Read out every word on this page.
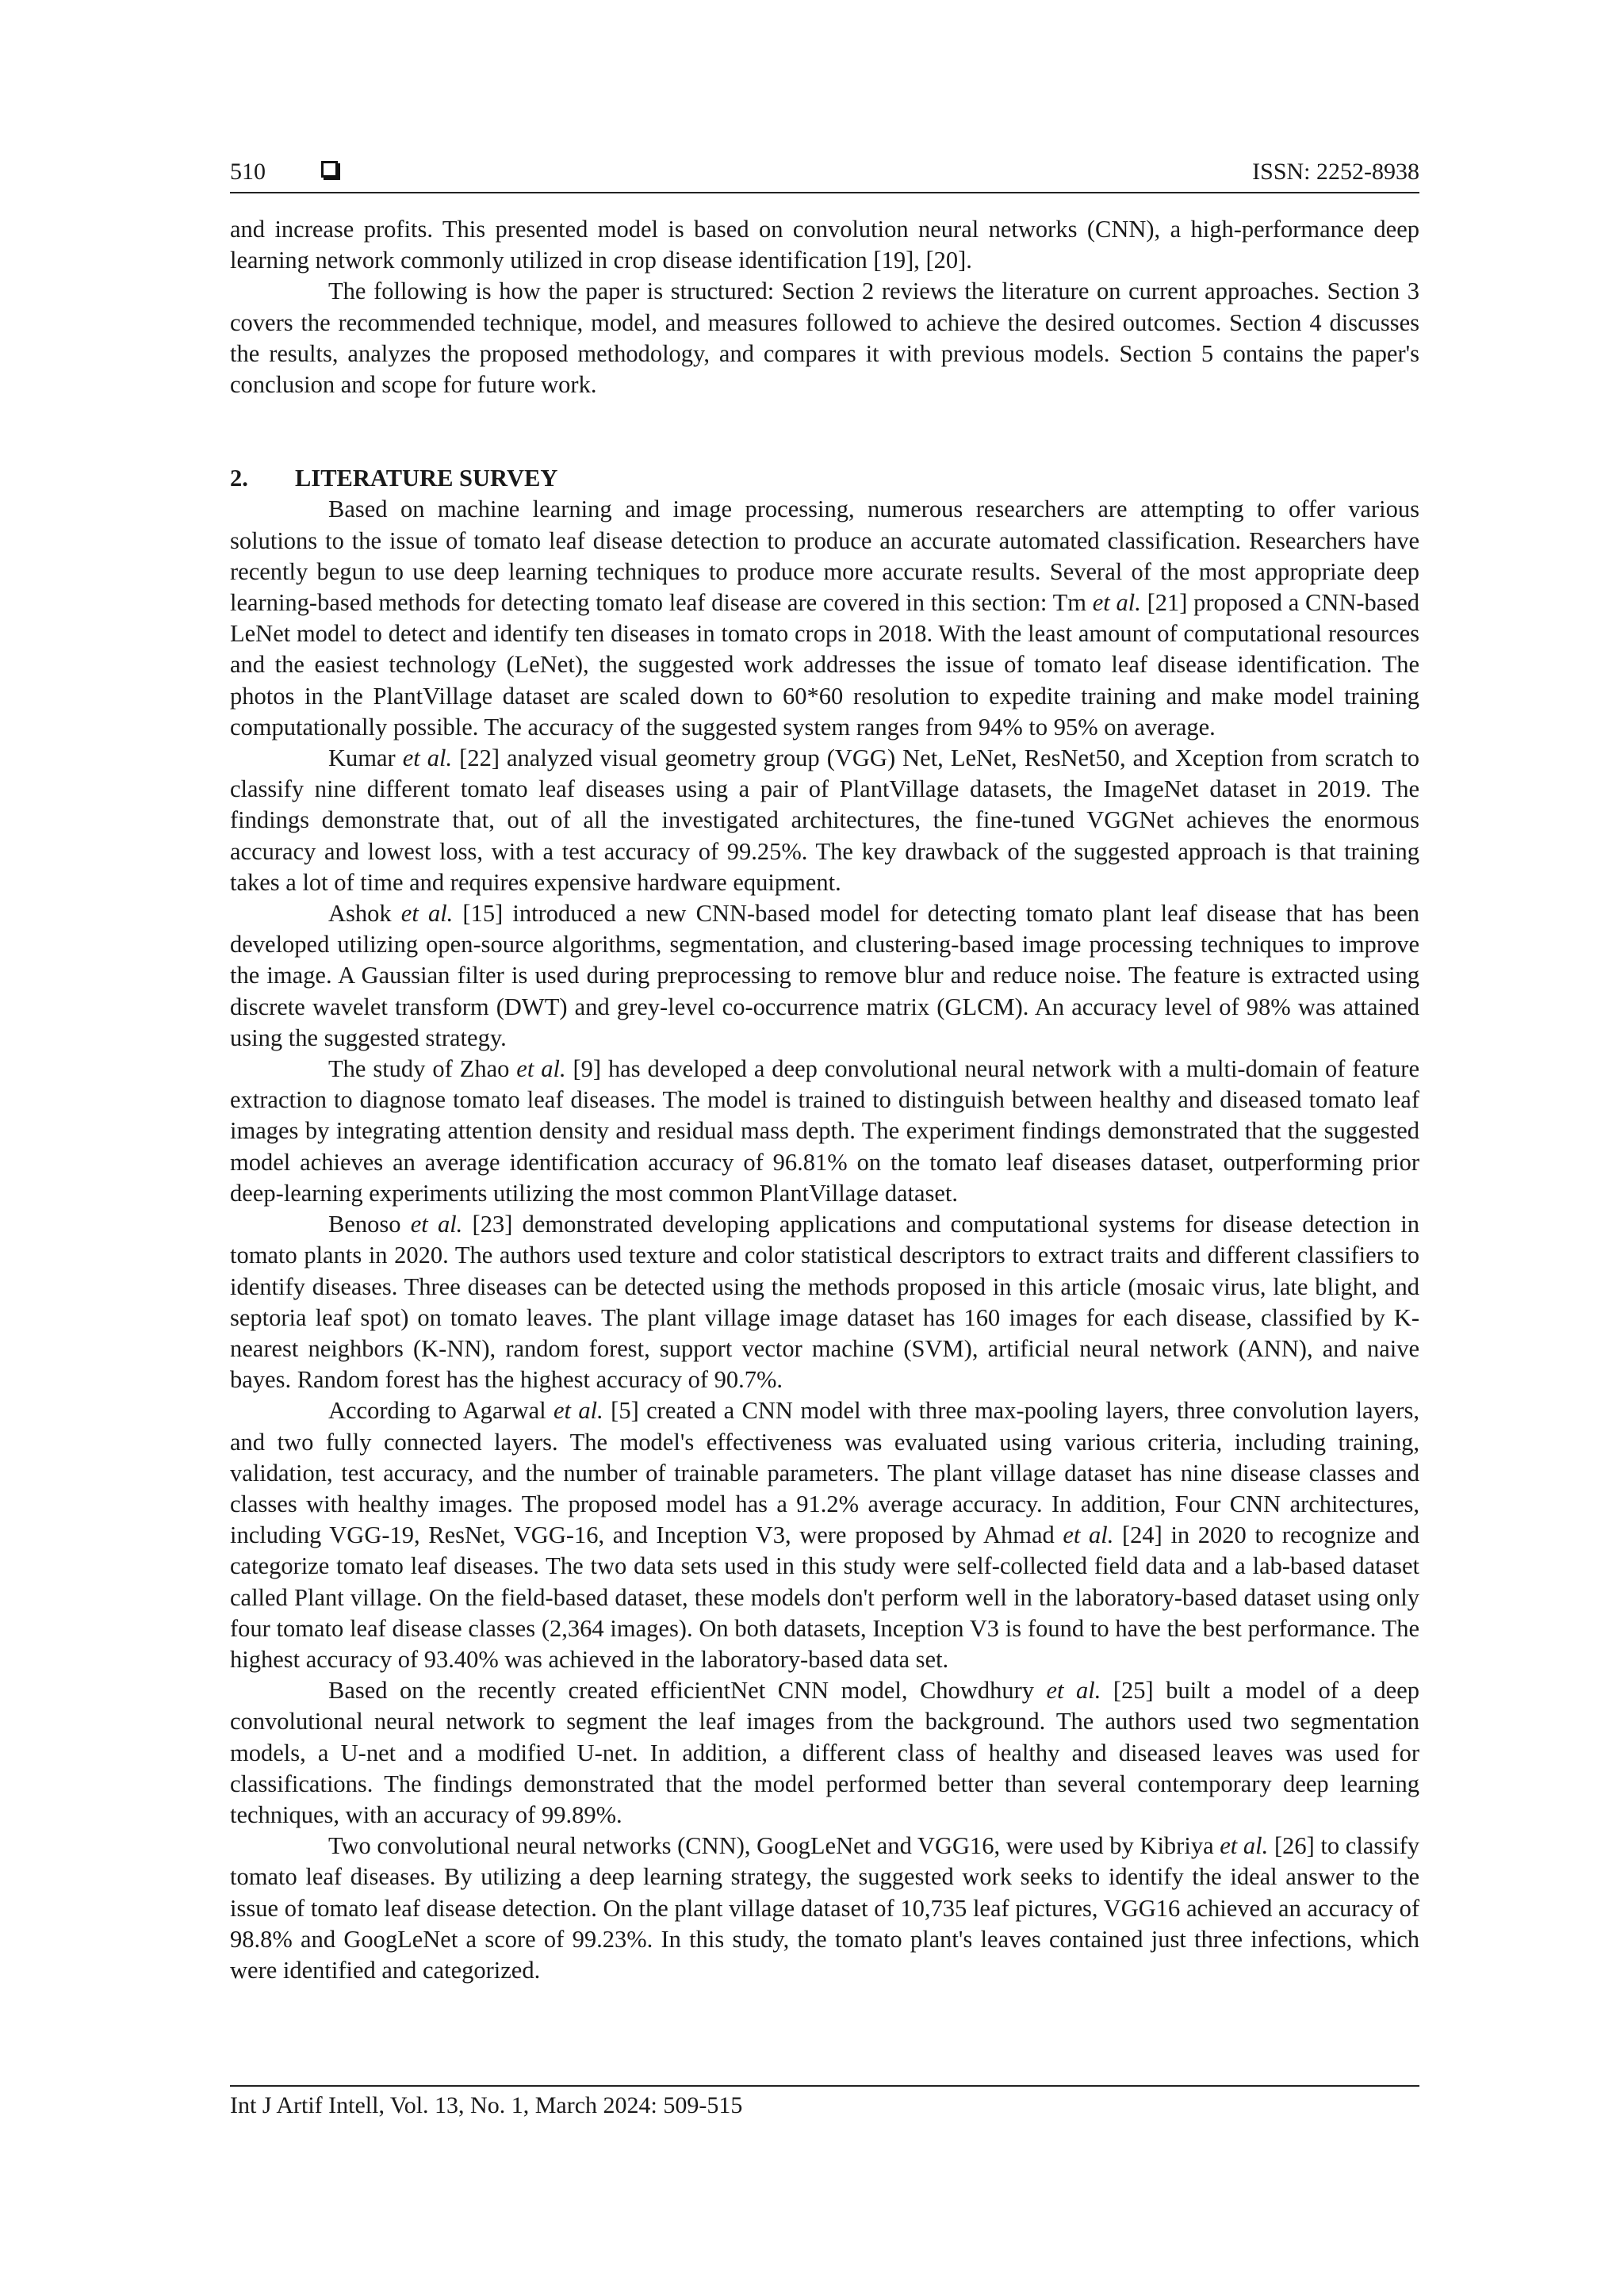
510	ISSN: 2252-8938

and increase profits. This presented model is based on convolution neural networks (CNN), a high-performance deep learning network commonly utilized in crop disease identification [19], [20].

The following is how the paper is structured: Section 2 reviews the literature on current approaches. Section 3 covers the recommended technique, model, and measures followed to achieve the desired outcomes. Section 4 discusses the results, analyzes the proposed methodology, and compares it with previous models. Section 5 contains the paper's conclusion and scope for future work.

2. LITERATURE SURVEY

Based on machine learning and image processing, numerous researchers are attempting to offer various solutions to the issue of tomato leaf disease detection to produce an accurate automated classification. Researchers have recently begun to use deep learning techniques to produce more accurate results. Several of the most appropriate deep learning-based methods for detecting tomato leaf disease are covered in this section: Tm et al. [21] proposed a CNN-based LeNet model to detect and identify ten diseases in tomato crops in 2018. With the least amount of computational resources and the easiest technology (LeNet), the suggested work addresses the issue of tomato leaf disease identification. The photos in the PlantVillage dataset are scaled down to 60*60 resolution to expedite training and make model training computationally possible. The accuracy of the suggested system ranges from 94% to 95% on average.

Kumar et al. [22] analyzed visual geometry group (VGG) Net, LeNet, ResNet50, and Xception from scratch to classify nine different tomato leaf diseases using a pair of PlantVillage datasets, the ImageNet dataset in 2019. The findings demonstrate that, out of all the investigated architectures, the fine-tuned VGGNet achieves the enormous accuracy and lowest loss, with a test accuracy of 99.25%. The key drawback of the suggested approach is that training takes a lot of time and requires expensive hardware equipment.

Ashok et al. [15] introduced a new CNN-based model for detecting tomato plant leaf disease that has been developed utilizing open-source algorithms, segmentation, and clustering-based image processing techniques to improve the image. A Gaussian filter is used during preprocessing to remove blur and reduce noise. The feature is extracted using discrete wavelet transform (DWT) and grey-level co-occurrence matrix (GLCM). An accuracy level of 98% was attained using the suggested strategy.

The study of Zhao et al. [9] has developed a deep convolutional neural network with a multi-domain of feature extraction to diagnose tomato leaf diseases. The model is trained to distinguish between healthy and diseased tomato leaf images by integrating attention density and residual mass depth. The experiment findings demonstrated that the suggested model achieves an average identification accuracy of 96.81% on the tomato leaf diseases dataset, outperforming prior deep-learning experiments utilizing the most common PlantVillage dataset.

Benoso et al. [23] demonstrated developing applications and computational systems for disease detection in tomato plants in 2020. The authors used texture and color statistical descriptors to extract traits and different classifiers to identify diseases. Three diseases can be detected using the methods proposed in this article (mosaic virus, late blight, and septoria leaf spot) on tomato leaves. The plant village image dataset has 160 images for each disease, classified by K-nearest neighbors (K-NN), random forest, support vector machine (SVM), artificial neural network (ANN), and naive bayes. Random forest has the highest accuracy of 90.7%.

According to Agarwal et al. [5] created a CNN model with three max-pooling layers, three convolution layers, and two fully connected layers. The model's effectiveness was evaluated using various criteria, including training, validation, test accuracy, and the number of trainable parameters. The plant village dataset has nine disease classes and classes with healthy images. The proposed model has a 91.2% average accuracy. In addition, Four CNN architectures, including VGG-19, ResNet, VGG-16, and Inception V3, were proposed by Ahmad et al. [24] in 2020 to recognize and categorize tomato leaf diseases. The two data sets used in this study were self-collected field data and a lab-based dataset called Plant village. On the field-based dataset, these models don't perform well in the laboratory-based dataset using only four tomato leaf disease classes (2,364 images). On both datasets, Inception V3 is found to have the best performance. The highest accuracy of 93.40% was achieved in the laboratory-based data set.

Based on the recently created efficientNet CNN model, Chowdhury et al. [25] built a model of a deep convolutional neural network to segment the leaf images from the background. The authors used two segmentation models, a U-net and a modified U-net. In addition, a different class of healthy and diseased leaves was used for classifications. The findings demonstrated that the model performed better than several contemporary deep learning techniques, with an accuracy of 99.89%.

Two convolutional neural networks (CNN), GoogLeNet and VGG16, were used by Kibriya et al. [26] to classify tomato leaf diseases. By utilizing a deep learning strategy, the suggested work seeks to identify the ideal answer to the issue of tomato leaf disease detection. On the plant village dataset of 10,735 leaf pictures, VGG16 achieved an accuracy of 98.8% and GoogLeNet a score of 99.23%. In this study, the tomato plant's leaves contained just three infections, which were identified and categorized.

Int J Artif Intell, Vol. 13, No. 1, March 2024: 509-515
